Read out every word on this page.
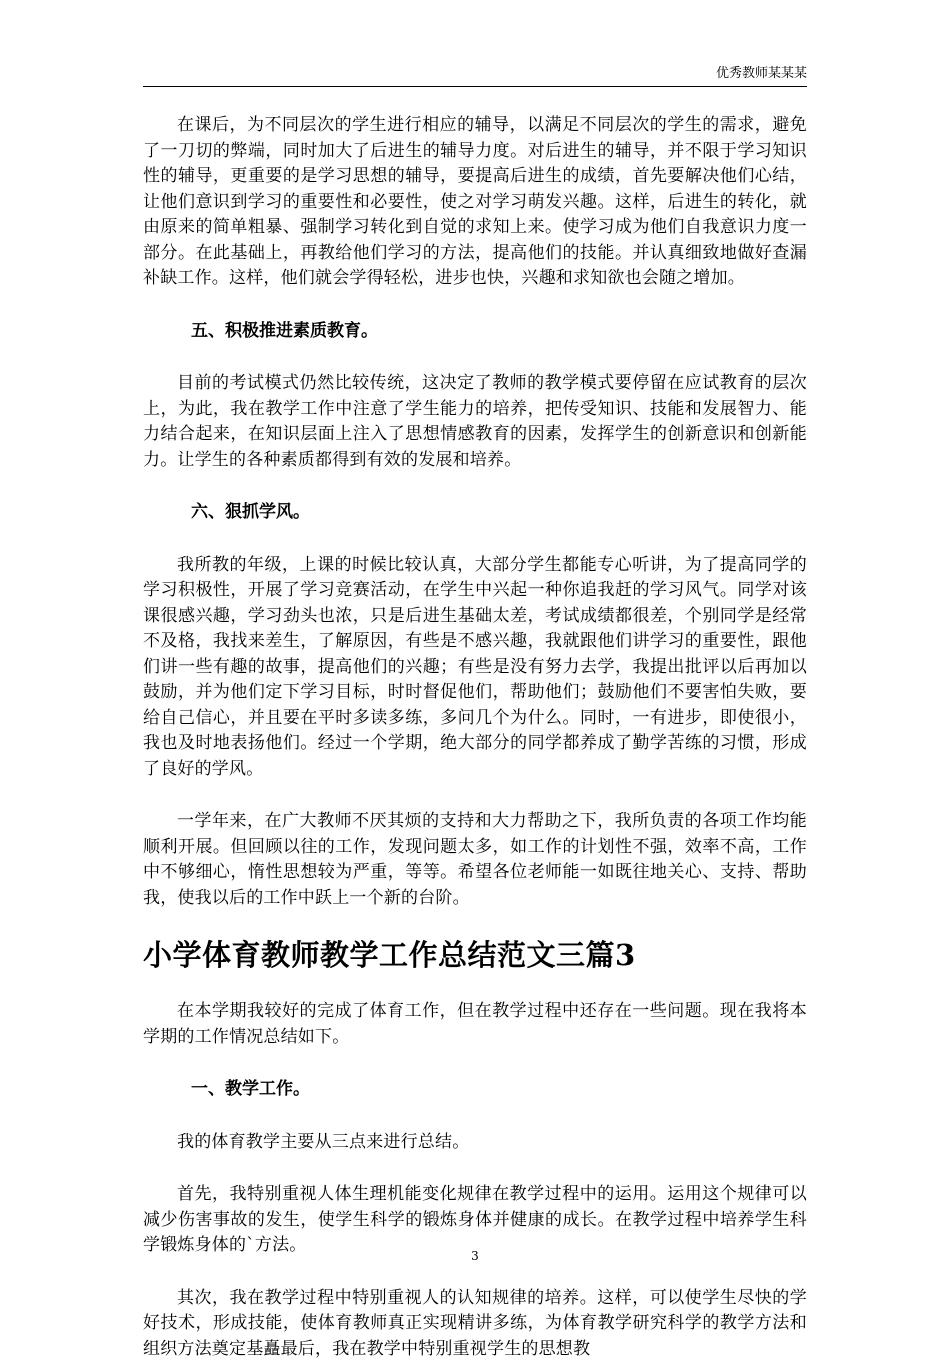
优秀教师某某某

在课后，为不同层次的学生进行相应的辅导，以满足不同层次的学生的需求，避免了一刀切的弊端，同时加大了后进生的辅导力度。对后进生的辅导，并不限于学习知识性的辅导，更重要的是学习思想的辅导，要提高后进生的成绩，首先要解决他们心结，让他们意识到学习的重要性和必要性，使之对学习萌发兴趣。这样，后进生的转化，就由原来的简单粗暴、强制学习转化到自觉的求知上来。使学习成为他们自我意识力度一部分。在此基础上，再教给他们学习的方法，提高他们的技能。并认真细致地做好查漏补缺工作。这样，他们就会学得轻松，进步也快，兴趣和求知欲也会随之增加。

五、积极推进素质教育。

目前的考试模式仍然比较传统，这决定了教师的教学模式要停留在应试教育的层次上，为此，我在教学工作中注意了学生能力的培养，把传受知识、技能和发展智力、能力结合起来，在知识层面上注入了思想情感教育的因素，发挥学生的创新意识和创新能力。让学生的各种素质都得到有效的发展和培养。

六、狠抓学风。

我所教的年级，上课的时候比较认真，大部分学生都能专心听讲，为了提高同学的学习积极性，开展了学习竞赛活动，在学生中兴起一种你追我赶的学习风气。同学对该课很感兴趣，学习劲头也浓，只是后进生基础太差，考试成绩都很差，个别同学是经常不及格，我找来差生，了解原因，有些是不感兴趣，我就跟他们讲学习的重要性，跟他们讲一些有趣的故事，提高他们的兴趣；有些是没有努力去学，我提出批评以后再加以鼓励，并为他们定下学习目标，时时督促他们，帮助他们；鼓励他们不要害怕失败，要给自己信心，并且要在平时多读多练，多问几个为什么。同时，一有进步，即使很小，我也及时地表扬他们。经过一个学期，绝大部分的同学都养成了勤学苦练的习惯，形成了良好的学风。

一学年来，在广大教师不厌其烦的支持和大力帮助之下，我所负责的各项工作均能顺利开展。但回顾以往的工作，发现问题太多，如工作的计划性不强，效率不高，工作中不够细心，惰性思想较为严重，等等。希望各位老师能一如既往地关心、支持、帮助我，使我以后的工作中跃上一个新的台阶。

小学体育教师教学工作总结范文三篇3

在本学期我较好的完成了体育工作，但在教学过程中还存在一些问题。现在我将本学期的工作情况总结如下。

一、教学工作。

我的体育教学主要从三点来进行总结。

首先，我特别重视人体生理机能变化规律在教学过程中的运用。运用这个规律可以减少伤害事故的发生，使学生科学的锻炼身体并健康的成长。在教学过程中培养学生科学锻炼身体的`方法。

其次，我在教学过程中特别重视人的认知规律的培养。这样，可以使学生尽快的学好技术，形成技能，使体育教师真正实现精讲多练，为体育教学研究科学的教学方法和组织方法奠定基矗最后，我在教学中特别重视学生的思想教

3
